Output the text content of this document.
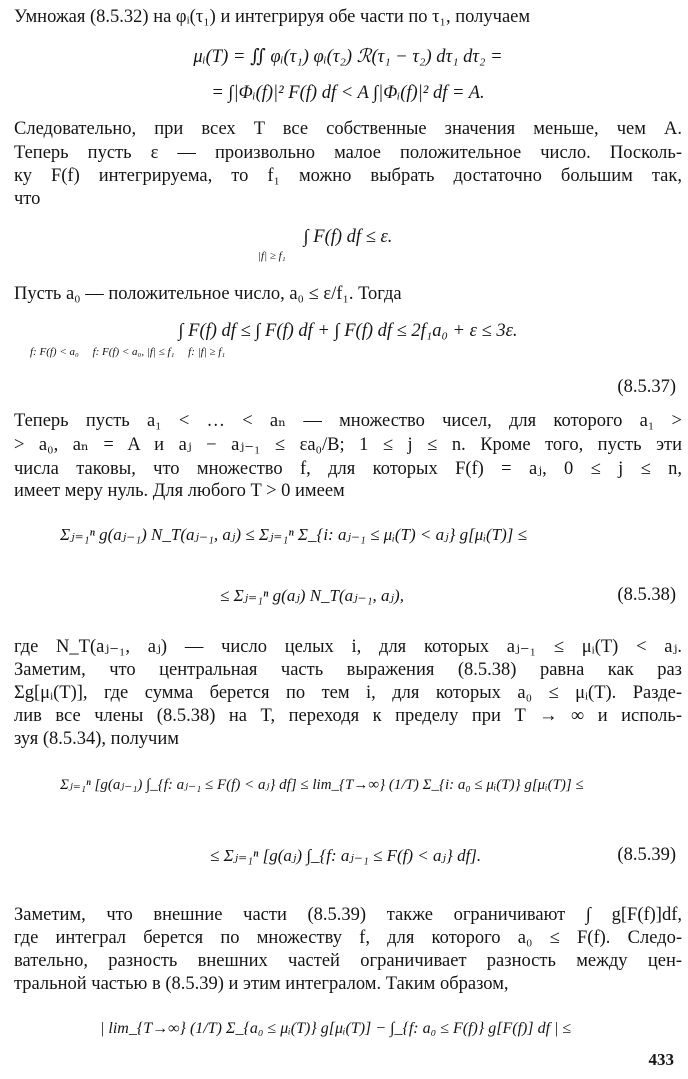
Умножая (8.5.32) на φᵢ(τ₁) и интегрируя обе части по τ₁, получаем
μᵢ(T) = ∬ φᵢ(τ₁) φᵢ(τ₂) ℛ(τ₁ − τ₂) dτ₁ dτ₂ =
= ∫|Φᵢ(f)|² F(f) df < A ∫|Φᵢ(f)|² df = A.
Следовательно, при всех T все собственные значения меньше, чем A.
Теперь пусть ε — произвольно малое положительное число. Посколь-
ку F(f) интегрируема, то f₁ можно выбрать достаточно большим так,
что
∫ F(f) df ≤ ε.
|f| ≥ f₁
Пусть a₀ — положительное число, a₀ ≤ ε/f₁. Тогда
∫ F(f) df ≤ ∫ F(f) df + ∫ F(f) df ≤ 2f₁a₀ + ε ≤ 3ε.
f: F(f) < a₀     f: F(f) < a₀, |f| ≤ f₁     f: |f| ≥ f₁
(8.5.37)
Теперь пусть a₁ < … < aₙ — множество чисел, для которого a₁ >
> a₀, aₙ = A и aⱼ − aⱼ₋₁ ≤ εa₀/B; 1 ≤ j ≤ n. Кроме того, пусть эти
числа таковы, что множество f, для которых F(f) = aⱼ, 0 ≤ j ≤ n,
имеет меру нуль. Для любого T > 0 имеем
Σⱼ₌₁ⁿ g(aⱼ₋₁) N_T(aⱼ₋₁, aⱼ) ≤ Σⱼ₌₁ⁿ Σ_{i: aⱼ₋₁ ≤ μᵢ(T) < aⱼ} g[μᵢ(T)] ≤
≤ Σⱼ₌₁ⁿ g(aⱼ) N_T(aⱼ₋₁, aⱼ),	(8.5.38)
где N_T(aⱼ₋₁, aⱼ) — число целых i, для которых aⱼ₋₁ ≤ μᵢ(T) < aⱼ.
Заметим, что центральная часть выражения (8.5.38) равна как раз
Σg[μᵢ(T)], где сумма берется по тем i, для которых a₀ ≤ μᵢ(T). Разде-
лив все члены (8.5.38) на T, переходя к пределу при T → ∞ и исполь-
зуя (8.5.34), получим
Σⱼ₌₁ⁿ [g(aⱼ₋₁) ∫_{f: aⱼ₋₁ ≤ F(f) < aⱼ} df] ≤ lim_{T→∞} (1/T) Σ_{i: a₀ ≤ μᵢ(T)} g[μᵢ(T)] ≤
≤ Σⱼ₌₁ⁿ [g(aⱼ) ∫_{f: aⱼ₋₁ ≤ F(f) < aⱼ} df].	(8.5.39)
Заметим, что внешние части (8.5.39) также ограничивают ∫ g[F(f)]df,
где интеграл берется по множеству f, для которого a₀ ≤ F(f). Следо-
вательно, разность внешних частей ограничивает разность между цен-
тральной частью в (8.5.39) и этим интегралом. Таким образом,
| lim_{T→∞} (1/T) Σ_{a₀ ≤ μᵢ(T)} g[μᵢ(T)] − ∫_{f: a₀ ≤ F(f)} g[F(f)] df | ≤
433
